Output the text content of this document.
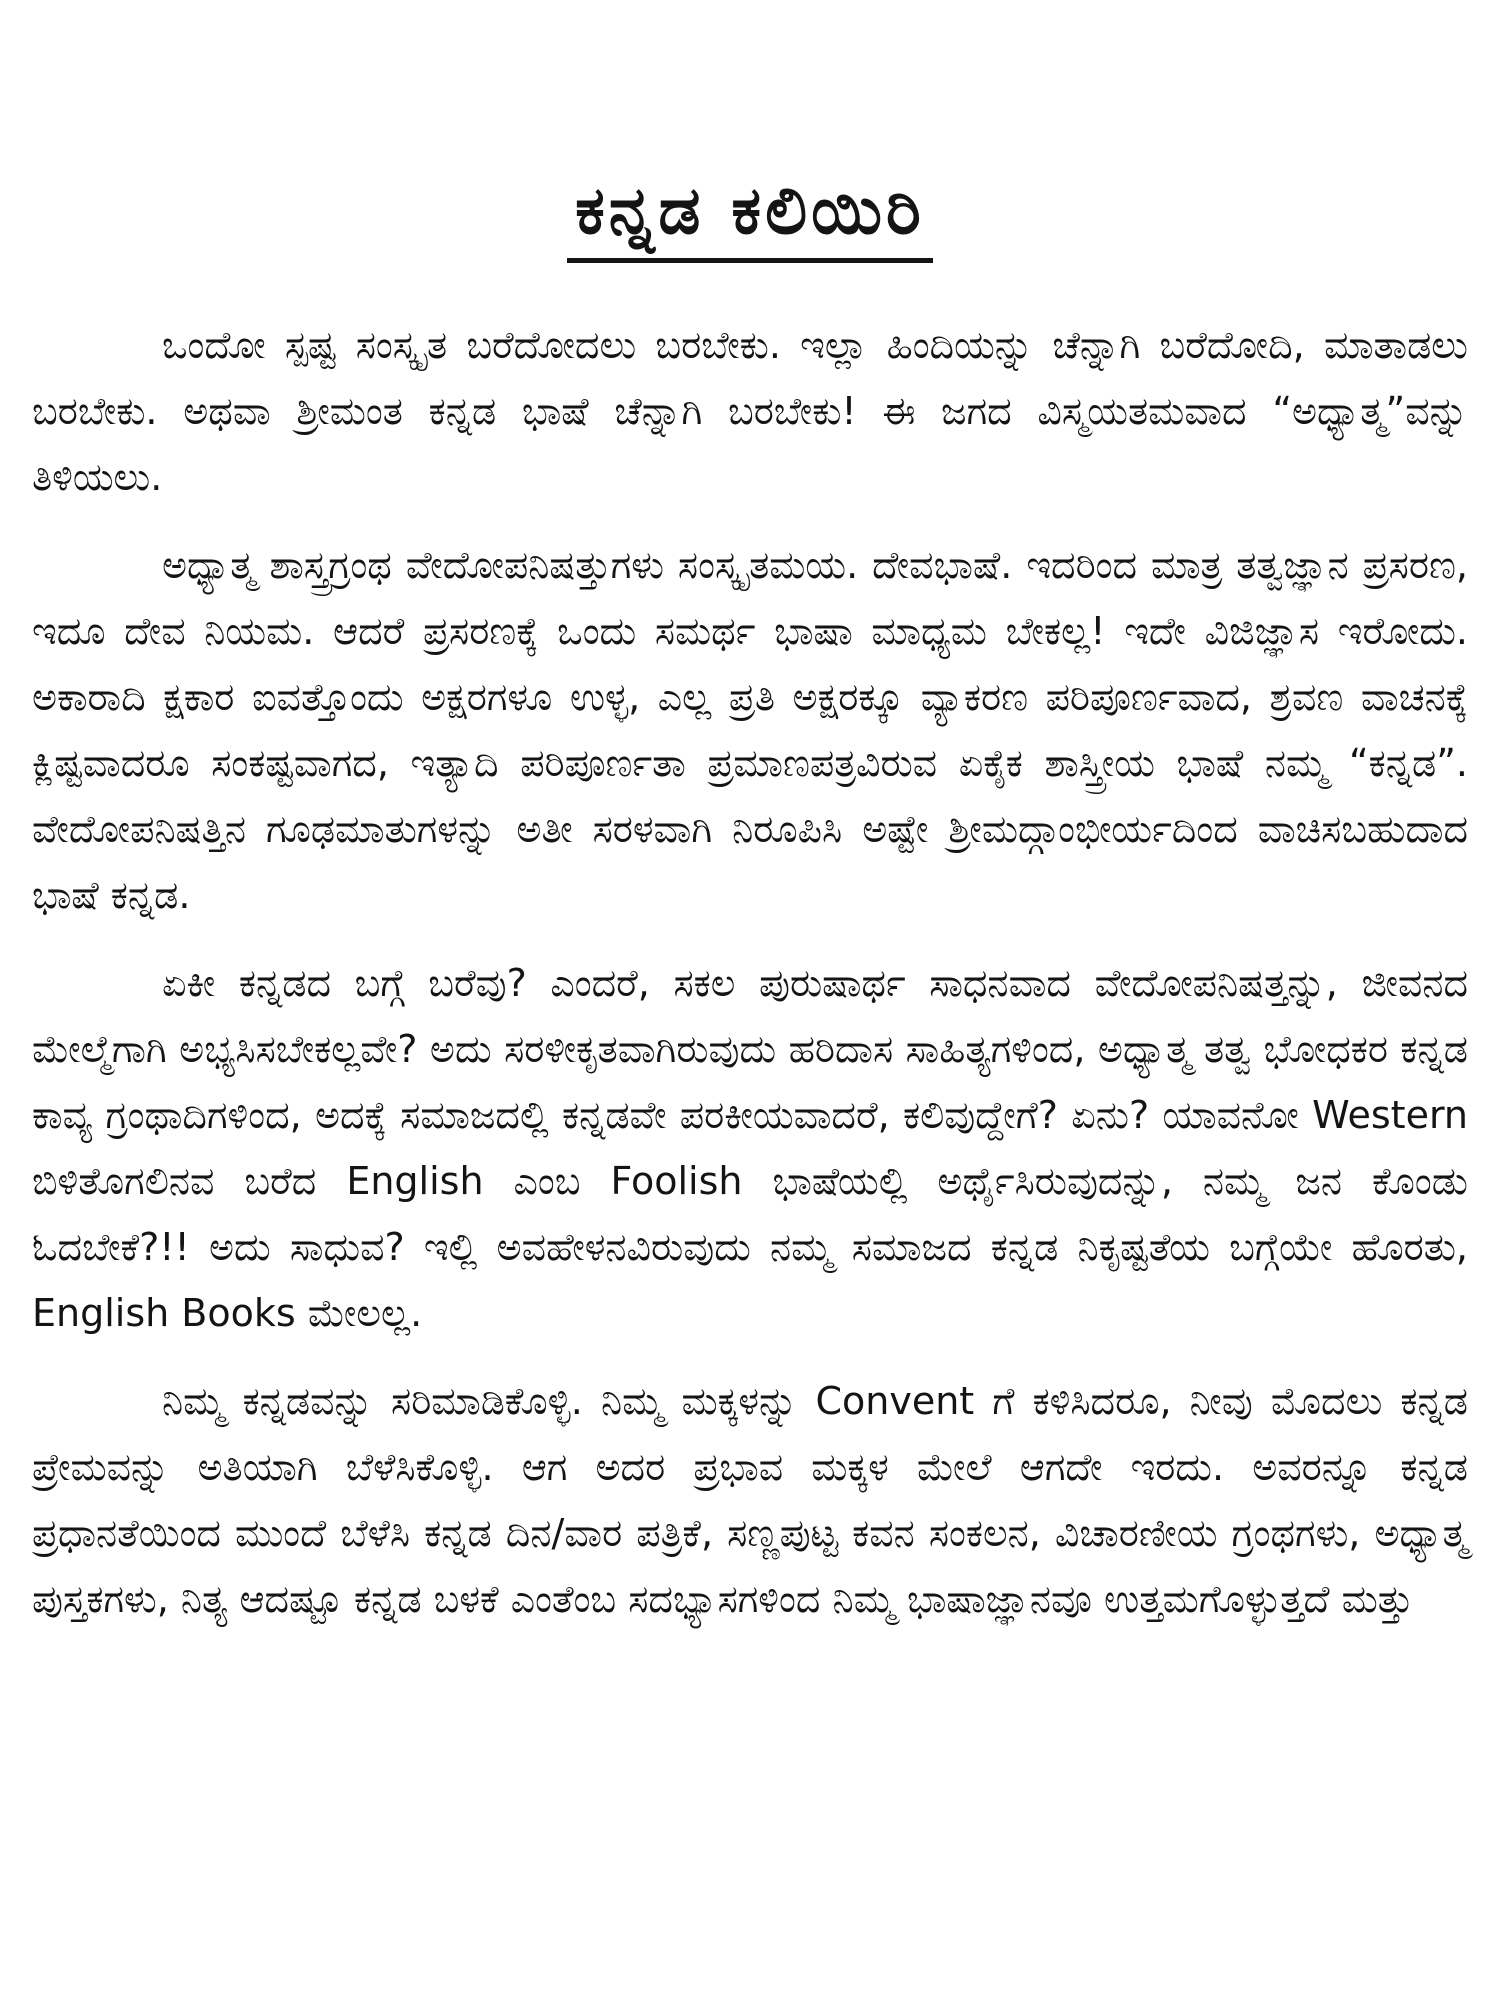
ಕನ್ನಡ ಕಲಿಯಿರಿ

ಒಂದೋ ಸ್ಪಷ್ಟ ಸಂಸ್ಕೃತ ಬರೆದೋದಲು ಬರಬೇಕು. ಇಲ್ಲಾ ಹಿಂದಿಯನ್ನು ಚೆನ್ನಾಗಿ ಬರೆದೋದಿ, ಮಾತಾಡಲು ಬರಬೇಕು. ಅಥವಾ ಶ್ರೀಮಂತ ಕನ್ನಡ ಭಾಷೆ ಚೆನ್ನಾಗಿ ಬರಬೇಕು! ಈ ಜಗದ ವಿಸ್ಮಯತಮವಾದ “ಅಧ್ಯಾತ್ಮ”ವನ್ನು ತಿಳಿಯಲು.

ಅಧ್ಯಾತ್ಮ ಶಾಸ್ತ್ರಗ್ರಂಥ ವೇದೋಪನಿಷತ್ತುಗಳು ಸಂಸ್ಕೃತಮಯ. ದೇವಭಾಷೆ. ಇದರಿಂದ ಮಾತ್ರ ತತ್ವಜ್ಞಾನ ಪ್ರಸರಣ, ಇದೂ ದೇವ ನಿಯಮ. ಆದರೆ ಪ್ರಸರಣಕ್ಕೆ ಒಂದು ಸಮರ್ಥ ಭಾಷಾ ಮಾಧ್ಯಮ ಬೇಕಲ್ಲ! ಇದೇ ವಿಜಿಜ್ಞಾಸ ಇರೋದು. ಅಕಾರಾದಿ ಕ್ಷಕಾರ ಐವತ್ತೊಂದು ಅಕ್ಷರಗಳೂ ಉಳ್ಳ, ಎಲ್ಲ ಪ್ರತಿ ಅಕ್ಷರಕ್ಕೂ ವ್ಯಾಕರಣ ಪರಿಪೂರ್ಣವಾದ, ಶ್ರವಣ ವಾಚನಕ್ಕೆ ಕ್ಲಿಷ್ಟವಾದರೂ ಸಂಕಷ್ಟವಾಗದ, ಇತ್ಯಾದಿ ಪರಿಪೂರ್ಣತಾ ಪ್ರಮಾಣಪತ್ರವಿರುವ ಏಕೈಕ ಶಾಸ್ತ್ರೀಯ ಭಾಷೆ ನಮ್ಮ “ಕನ್ನಡ”. ವೇದೋಪನಿಷತ್ತಿನ ಗೂಢಮಾತುಗಳನ್ನು ಅತೀ ಸರಳವಾಗಿ ನಿರೂಪಿಸಿ ಅಷ್ಟೇ ಶ್ರೀಮದ್ಗಾಂಭೀರ್ಯದಿಂದ ವಾಚಿಸಬಹುದಾದ ಭಾಷೆ ಕನ್ನಡ.

ಏಕೀ ಕನ್ನಡದ ಬಗ್ಗೆ ಬರೆವು? ಎಂದರೆ, ಸಕಲ ಪುರುಷಾರ್ಥ ಸಾಧನವಾದ ವೇದೋಪನಿಷತ್ತನ್ನು, ಜೀವನದ ಮೇಲ್ಮೆಗಾಗಿ ಅಭ್ಯಸಿಸಬೇಕಲ್ಲವೇ? ಅದು ಸರಳೀಕೃತವಾಗಿರುವುದು ಹರಿದಾಸ ಸಾಹಿತ್ಯಗಳಿಂದ, ಅಧ್ಯಾತ್ಮ ತತ್ವ ಭೋಧಕರ ಕನ್ನಡ ಕಾವ್ಯ ಗ್ರಂಥಾದಿಗಳಿಂದ, ಅದಕ್ಕೆ ಸಮಾಜದಲ್ಲಿ ಕನ್ನಡವೇ ಪರಕೀಯವಾದರೆ, ಕಲಿವುದ್ದೇಗೆ? ಏನು? ಯಾವನೋ Western ಬಿಳಿತೊಗಲಿನವ ಬರೆದ English ಎಂಬ Foolish ಭಾಷೆಯಲ್ಲಿ ಅರ್ಥೈಸಿರುವುದನ್ನು, ನಮ್ಮ ಜನ ಕೊಂಡು ಓದಬೇಕೆ?!! ಅದು ಸಾಧುವ? ಇಲ್ಲಿ ಅವಹೇಳನವಿರುವುದು ನಮ್ಮ ಸಮಾಜದ ಕನ್ನಡ ನಿಕೃಷ್ಟತೆಯ ಬಗ್ಗೆಯೇ ಹೊರತು, English Books ಮೇಲಲ್ಲ.

ನಿಮ್ಮ ಕನ್ನಡವನ್ನು ಸರಿಮಾಡಿಕೊಳ್ಳಿ. ನಿಮ್ಮ ಮಕ್ಕಳನ್ನು Convent ಗೆ ಕಳಿಸಿದರೂ, ನೀವು ಮೊದಲು ಕನ್ನಡ ಪ್ರೇಮವನ್ನು ಅತಿಯಾಗಿ ಬೆಳೆಸಿಕೊಳ್ಳಿ. ಆಗ ಅದರ ಪ್ರಭಾವ ಮಕ್ಕಳ ಮೇಲೆ ಆಗದೇ ಇರದು. ಅವರನ್ನೂ ಕನ್ನಡ ಪ್ರಧಾನತೆಯಿಂದ ಮುಂದೆ ಬೆಳೆಸಿ ಕನ್ನಡ ದಿನ/ವಾರ ಪತ್ರಿಕೆ, ಸಣ್ಣಪುಟ್ಟ ಕವನ ಸಂಕಲನ, ವಿಚಾರಣೀಯ ಗ್ರಂಥಗಳು, ಅಧ್ಯಾತ್ಮ ಪುಸ್ತಕಗಳು, ನಿತ್ಯ ಆದಷ್ಟೂ ಕನ್ನಡ ಬಳಕೆ ಎಂತೆಂಬ ಸದಭ್ಯಾಸಗಳಿಂದ ನಿಮ್ಮ ಭಾಷಾಜ್ಞಾನವೂ ಉತ್ತಮಗೊಳ್ಳುತ್ತದೆ ಮತ್ತು
